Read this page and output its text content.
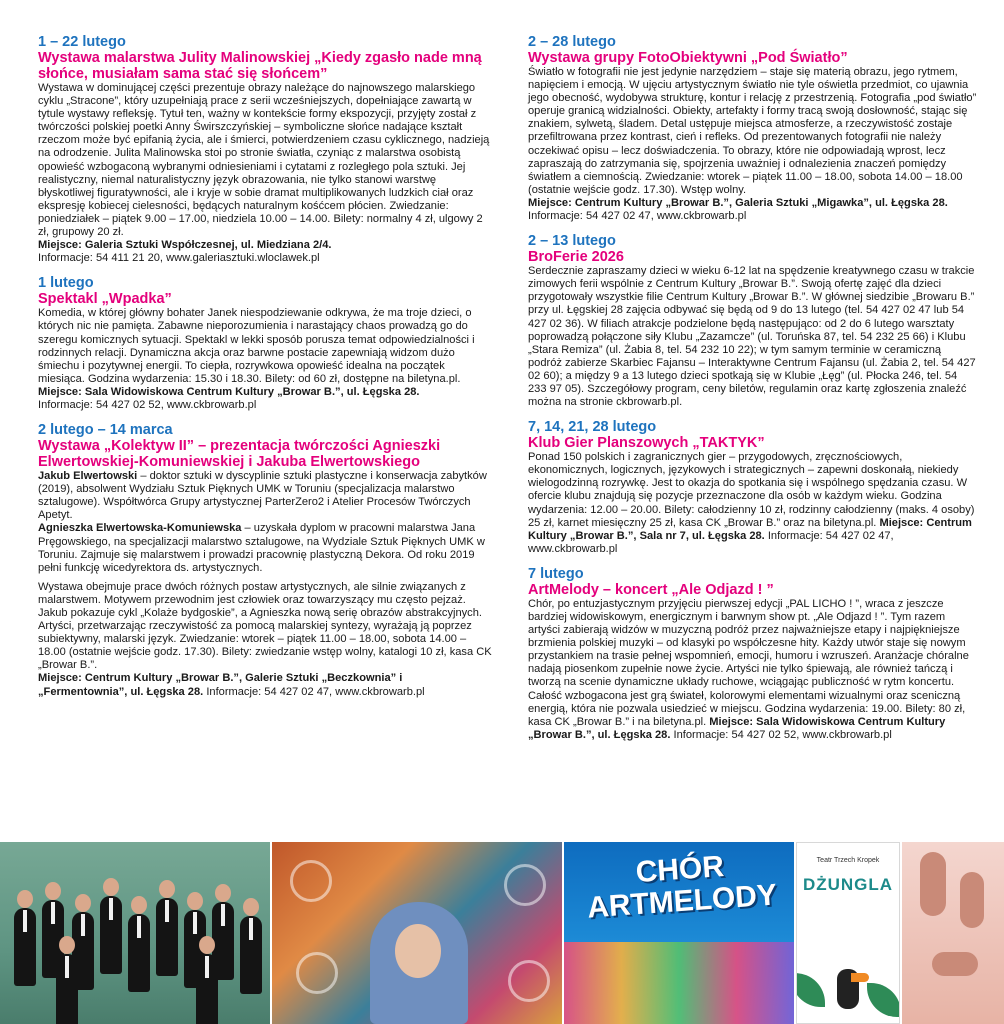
1 – 22 lutego
Wystawa malarstwa Julity Malinowskiej „Kiedy zgasło nade mną słońce, musiałam sama stać się słońcem”

Wystawa w dominującej części prezentuje obrazy należące do najnowszego malarskiego cyklu „Stracone”, który uzupełniają prace z serii wcześniejszych, dopełniające zawartą w tytule wystawy refleksję. Tytuł ten, ważny w kontekście formy ekspozycji, przyjęty został z twórczości polskiej poetki Anny Świrszczyńskiej – symboliczne słońce nadające kształt rzeczom może być epifanią życia, ale i śmierci, potwierdzeniem czasu cyklicznego, nadzieją na odrodzenie. Julita Malinowska stoi po stronie światła, czyniąc z malarstwa osobistą opowieść wzbogaconą wybranymi odniesieniami i cytatami z rozległego pola sztuki. Jej realistyczny, niemal naturalistyczny język obrazowania, nie tylko stanowi warstwę błyskotliwej figuratywności, ale i kryje w sobie dramat multiplikowanych ludzkich ciał oraz ekspresję kobiecej cielesności, będących naturalnym kośćcem płócien. Zwiedzanie: poniedziałek – piątek 9.00 – 17.00, niedziela 10.00 – 14.00. Bilety: normalny 4 zł, ulgowy 2 zł, grupowy 20 zł.

Miejsce: Galeria Sztuki Współczesnej, ul. Miedziana 2/4.

Informacje: 54 411 21 20, www.galeriasztuki.wloclawek.pl

1 lutego
Spektakl „Wpadka”

Komedia, w której główny bohater Janek niespodziewanie odkrywa, że ma troje dzieci, o których nic nie pamięta. Zabawne nieporozumienia i narastający chaos prowadzą go do szeregu komicznych sytuacji. Spektakl w lekki sposób porusza temat odpowiedzialności i rodzinnych relacji. Dynamiczna akcja oraz barwne postacie zapewniają widzom dużo śmiechu i pozytywnej energii. To ciepła, rozrywkowa opowieść idealna na początek miesiąca. Godzina wydarzenia: 15.30 i 18.30. Bilety: od 60 zł, dostępne na biletyna.pl.

Miejsce: Sala Widowiskowa Centrum Kultury „Browar B.”, ul. Łęgska 28.

Informacje: 54 427 02 52, www.ckbrowarb.pl

2 lutego – 14 marca
Wystawa „Kolektyw II” – prezentacja twórczości Agnieszki Elwertowskiej-Komuniewskiej i Jakuba Elwertowskiego

Jakub Elwertowski – doktor sztuki w dyscyplinie sztuki plastyczne i konserwacja zabytków (2019), absolwent Wydziału Sztuk Pięknych UMK w Toruniu (specjalizacja malarstwo sztalugowe). Współtwórca Grupy artystycznej ParterZero2 i Atelier Procesów Twórczych Apetyt.

Agnieszka Elwertowska-Komuniewska – uzyskała dyplom w pracowni malarstwa Jana Pręgowskiego, na specjalizacji malarstwo sztalugowe, na Wydziale Sztuk Pięknych UMK w Toruniu. Zajmuje się malarstwem i prowadzi pracownię plastyczną Dekora. Od roku 2019 pełni funkcję wicedyrektora ds. artystycznych.

Wystawa obejmuje prace dwóch różnych postaw artystycznych, ale silnie związanych z malarstwem. Motywem przewodnim jest człowiek oraz towarzyszący mu często pejzaż. Jakub pokazuje cykl „Kolaże bydgoskie”, a Agnieszka nową serię obrazów abstrakcyjnych. Artyści, przetwarzając rzeczywistość za pomocą malarskiej syntezy, wyrażają ją poprzez subiektywny, malarski język. Zwiedzanie: wtorek – piątek 11.00 – 18.00, sobota 14.00 – 18.00 (ostatnie wejście godz. 17.30). Bilety: zwiedzanie wstęp wolny, katalogi 10 zł, kasa CK „Browar B.”.

Miejsce: Centrum Kultury „Browar B.”, Galerie Sztuki „Beczkownia” i „Fermentownia”, ul. Łęgska 28. Informacje: 54 427 02 47, www.ckbrowarb.pl

2 – 28 lutego
Wystawa grupy FotoObiektywni „Pod Światło”

Światło w fotografii nie jest jedynie narzędziem – staje się materią obrazu, jego rytmem, napięciem i emocją. W ujęciu artystycznym światło nie tyle oświetla przedmiot, co ujawnia jego obecność, wydobywa strukturę, kontur i relację z przestrzenią. Fotografia „pod światło” operuje granicą widzialności. Obiekty, artefakty i formy tracą swoją dosłowność, stając się znakiem, sylwetą, śladem. Detal ustępuje miejsca atmosferze, a rzeczywistość zostaje przefiltrowana przez kontrast, cień i refleks. Od prezentowanych fotografii nie należy oczekiwać opisu – lecz doświadczenia. To obrazy, które nie odpowiadają wprost, lecz zapraszają do zatrzymania się, spojrzenia uważniej i odnalezienia znaczeń pomiędzy światłem a ciemnością. Zwiedzanie: wtorek – piątek 11.00 – 18.00, sobota 14.00 – 18.00 (ostatnie wejście godz. 17.30). Wstęp wolny.

Miejsce: Centrum Kultury „Browar B.”, Galeria Sztuki „Migawka”, ul. Łęgska 28.

Informacje: 54 427 02 47, www.ckbrowarb.pl

2 – 13 lutego
BroFerie 2026

Serdecznie zapraszamy dzieci w wieku 6-12 lat na spędzenie kreatywnego czasu w trakcie zimowych ferii wspólnie z Centrum Kultury „Browar B.”. Swoją ofertę zajęć dla dzieci przygotowały wszystkie filie Centrum Kultury „Browar B.”. W głównej siedzibie „Browaru B.” przy ul. Łęgskiej 28 zajęcia odbywać się będą od 9 do 13 lutego (tel. 54 427 02 47 lub 54 427 02 36). W filiach atrakcje podzielone będą następująco: od 2 do 6 lutego warsztaty poprowadzą połączone siły Klubu „Zazamcze” (ul. Toruńska 87, tel. 54 232 25 66) i Klubu „Stara Remiza” (ul. Żabia 8, tel. 54 232 10 22); w tym samym terminie w ceramiczną podróż zabierze Skarbiec Fajansu – Interaktywne Centrum Fajansu (ul. Żabia 2, tel. 54 427 02 60); a między 9 a 13 lutego dzieci spotkają się w Klubie „Łęg” (ul. Płocka 246, tel. 54 233 97 05). Szczegółowy program, ceny biletów, regulamin oraz kartę zgłoszenia znaleźć można na stronie ckbrowarb.pl.

7, 14, 21, 28 lutego
Klub Gier Planszowych „TAKTYK”

Ponad 150 polskich i zagranicznych gier – przygodowych, zręcznościowych, ekonomicznych, logicznych, językowych i strategicznych – zapewni doskonałą, niekiedy wielogodzinną rozrywkę. Jest to okazja do spotkania się i wspólnego spędzania czasu. W ofercie klubu znajdują się pozycje przeznaczone dla osób w każdym wieku. Godzina wydarzenia: 12.00 – 20.00. Bilety: całodzienny 10 zł, rodzinny całodzienny (maks. 4 osoby) 25 zł, karnet miesięczny 25 zł, kasa CK „Browar B.” oraz na biletyna.pl. Miejsce: Centrum Kultury „Browar B.”, Sala nr 7, ul. Łęgska 28. Informacje: 54 427 02 47, www.ckbrowarb.pl

7 lutego
ArtMelody – koncert „Ale Odjazd ! ”

Chór, po entuzjastycznym przyjęciu pierwszej edycji „PAL LICHO ! ”, wraca z jeszcze bardziej widowiskowym, energicznym i barwnym show pt. „Ale Odjazd ! ”. Tym razem artyści zabierają widzów w muzyczną podróż przez najważniejsze etapy i najpiękniejsze brzmienia polskiej muzyki – od klasyki po współczesne hity. Każdy utwór staje się nowym przystankiem na trasie pełnej wspomnień, emocji, humoru i wzruszeń. Aranżacje chóralne nadają piosenkom zupełnie nowe życie. Artyści nie tylko śpiewają, ale również tańczą i tworzą na scenie dynamiczne układy ruchowe, wciągając publiczność w rytm koncertu. Całość wzbogacona jest grą świateł, kolorowymi elementami wizualnymi oraz sceniczną energią, która nie pozwala usiedzieć w miejscu. Godzina wydarzenia: 19.00. Bilety: 80 zł, kasa CK „Browar B.” i na biletyna.pl. Miejsce: Sala Widowiskowa Centrum Kultury „Browar B.”, ul. Łęgska 28. Informacje: 54 427 02 52, www.ckbrowarb.pl

CHÓR ARTMELODY
Teatr Trzech Kropek
DŻUNGLA
